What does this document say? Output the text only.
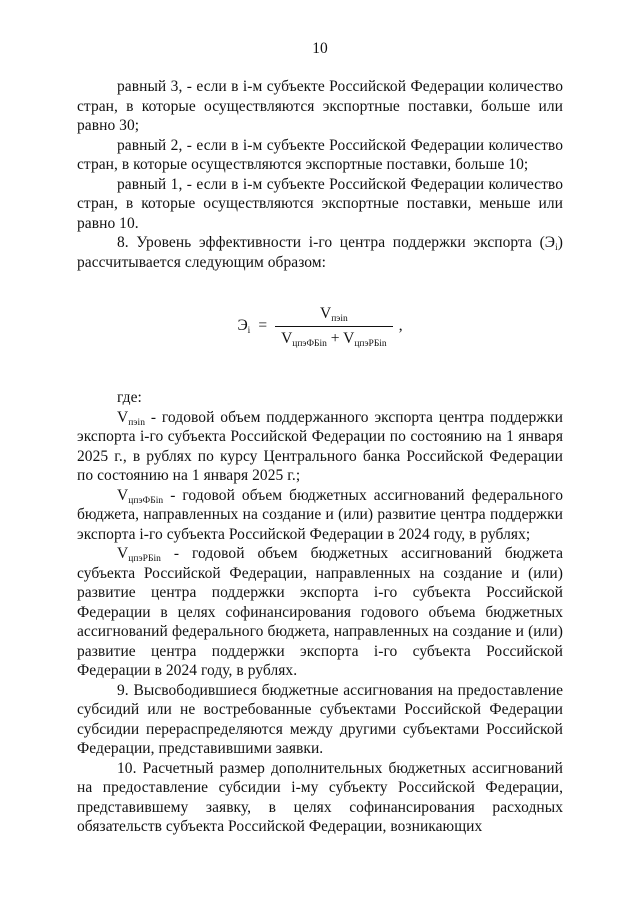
10

равный 3, - если в i-м субъекте Российской Федерации количество стран, в которые осуществляются экспортные поставки, больше или равно 30;

равный 2, - если в i-м субъекте Российской Федерации количество стран, в которые осуществляются экспортные поставки, больше 10;

равный 1, - если в i-м субъекте Российской Федерации количество стран, в которые осуществляются экспортные поставки, меньше или равно 10.

8. Уровень эффективности i-го центра поддержки экспорта $(Э_i)$ рассчитывается следующим образом:

$Э_i = \frac{V_{пэin}}{V_{цпэФБin} + V_{цпэРБin}}$ ,

где:

$V_{пэin}$ - годовой объем поддержанного экспорта центра поддержки экспорта i-го субъекта Российской Федерации по состоянию на 1 января 2025 г., в рублях по курсу Центрального банка Российской Федерации по состоянию на 1 января 2025 г.;

$V_{цпэФБin}$ - годовой объем бюджетных ассигнований федерального бюджета, направленных на создание и (или) развитие центра поддержки экспорта i-го субъекта Российской Федерации в 2024 году, в рублях;

$V_{цпэРБin}$ - годовой объем бюджетных ассигнований бюджета субъекта Российской Федерации, направленных на создание и (или) развитие центра поддержки экспорта i-го субъекта Российской Федерации в целях софинансирования годового объема бюджетных ассигнований федерального бюджета, направленных на создание и (или) развитие центра поддержки экспорта i-го субъекта Российской Федерации в 2024 году, в рублях.

9. Высвободившиеся бюджетные ассигнования на предоставление субсидий или не востребованные субъектами Российской Федерации субсидии перераспределяются между другими субъектами Российской Федерации, представившими заявки.

10. Расчетный размер дополнительных бюджетных ассигнований на предоставление субсидии i-му субъекту Российской Федерации, представившему заявку, в целях софинансирования расходных обязательств субъекта Российской Федерации, возникающих
